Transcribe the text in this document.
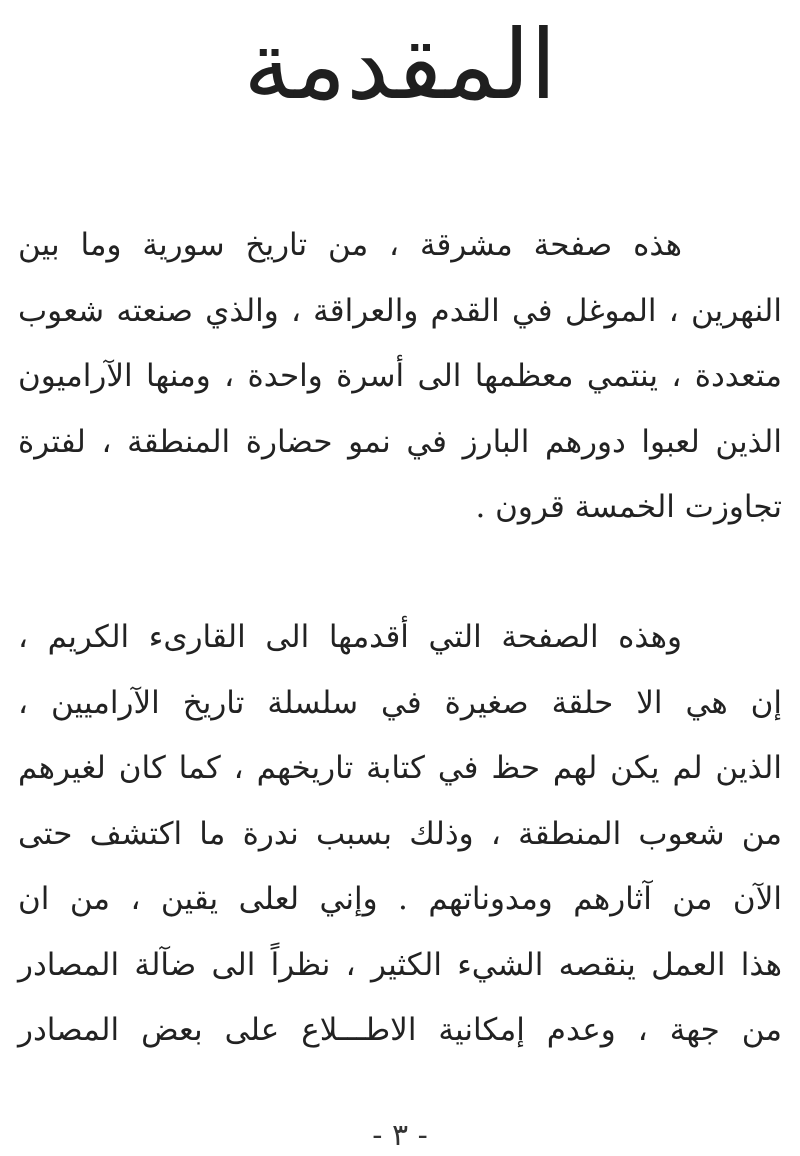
المقدمة
هذه صفحة مشرقة ، من تاريخ سورية وما بين
النهرين ، الموغل في القدم والعراقة ، والذي صنعته شعوب
متعددة ، ينتمي معظمها الى أسرة واحدة ، ومنها الآراميون
الذين لعبوا دورهم البارز في نمو حضارة المنطقة ، لفترة
تجاوزت الخمسة قرون .
وهذه الصفحة التي أقدمها الى القارىء الكريم ،
إن هي الا حلقة صغيرة في سلسلة تاريخ الآراميين ،
الذين لم يكن لهم حظ في كتابة تاريخهم ، كما كان لغيرهم
من شعوب المنطقة ، وذلك بسبب ندرة ما اكتشف حتى
الآن من آثارهم ومدوناتهم . وإني لعلى يقين ، من ان
هذا العمل ينقصه الشيء الكثير ، نظراً الى ضآلة المصادر
من جهة ، وعدم إمكانية الاطـــلاع على بعض المصادر
- ٣ -
